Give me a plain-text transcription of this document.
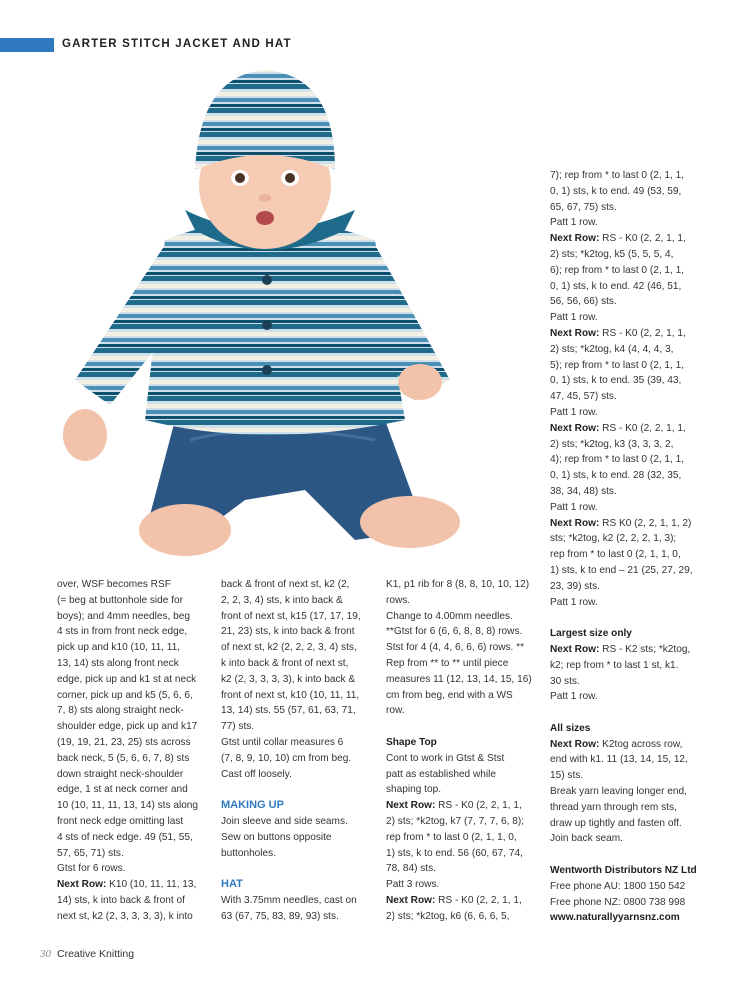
GARTER STITCH JACKET AND HAT

over, WSF becomes RSF

(= beg at buttonhole side for

boys); and 4mm needles, beg

4 sts in from front neck edge,

pick up and k10 (10, 11, 11,

13, 14) sts along front neck

edge, pick up and k1 st at neck

corner, pick up and k5 (5, 6, 6,

7, 8) sts along straight neck-

shoulder edge, pick up and k17

(19, 19, 21, 23, 25) sts across

back neck, 5 (5, 6, 6, 7, 8) sts

down straight neck-shoulder

edge, 1 st at neck corner and

10 (10, 11, 11, 13, 14) sts along

front neck edge omitting last

4 sts of neck edge. 49 (51, 55,

57, 65, 71) sts.

Gtst for 6 rows.

Next Row: K10 (10, 11, 11, 13,

14) sts, k into back & front of

next st, k2 (2, 3, 3, 3, 3), k into

back & front of next st, k2 (2,

2, 2, 3, 4) sts, k into back &

front of next st, k15 (17, 17, 19,

21, 23) sts, k into back & front

of next st, k2 (2, 2, 2, 3, 4) sts,

k into back & front of next st,

k2 (2, 3, 3, 3, 3), k into back &

front of next st, k10 (10, 11, 11,

13, 14) sts. 55 (57, 61, 63, 71,

77) sts.

Gtst until collar measures 6

(7, 8, 9, 10, 10) cm from beg.

Cast off loosely.

MAKING UP

Join sleeve and side seams.

Sew on buttons opposite

buttonholes.

HAT

With 3.75mm needles, cast on

63 (67, 75, 83, 89, 93) sts.

K1, p1 rib for 8 (8, 8, 10, 10, 12)

rows.

Change to 4.00mm needles.

**Gtst for 6 (6, 6, 8, 8, 8) rows.

Stst for 4 (4, 4, 6, 6, 6) rows. **

Rep from ** to ** until piece

measures 11 (12, 13, 14, 15, 16)

cm from beg, end with a WS

row.

Shape Top

Cont to work in Gtst & Stst

patt as established while

shaping top.

Next Row: RS - K0 (2, 2, 1, 1,

2) sts; *k2tog, k7 (7, 7, 7, 6, 8);

rep from * to last 0 (2, 1, 1, 0,

1) sts, k to end. 56 (60, 67, 74,

78, 84) sts.

Patt 3 rows.

Next Row: RS - K0 (2, 2, 1, 1,

2) sts; *k2tog, k6 (6, 6, 6, 5,

7); rep from * to last 0 (2, 1, 1,

0, 1) sts, k to end. 49 (53, 59,

65, 67, 75) sts.

Patt 1 row.

Next Row: RS - K0 (2, 2, 1, 1,

2) sts; *k2tog, k5 (5, 5, 5, 4,

6); rep from * to last 0 (2, 1, 1,

0, 1) sts, k to end. 42 (46, 51,

56, 56, 66) sts.

Patt 1 row.

Next Row: RS - K0 (2, 2, 1, 1,

2) sts; *k2tog, k4 (4, 4, 4, 3,

5); rep from * to last 0 (2, 1, 1,

0, 1) sts, k to end. 35 (39, 43,

47, 45, 57) sts.

Patt 1 row.

Next Row: RS - K0 (2, 2, 1, 1,

2) sts; *k2tog, k3 (3, 3, 3, 2,

4); rep from * to last 0 (2, 1, 1,

0, 1) sts, k to end. 28 (32, 35,

38, 34, 48) sts.

Patt 1 row.

Next Row: RS K0 (2, 2, 1, 1, 2)

sts; *k2tog, k2 (2, 2, 2, 1, 3);

rep from * to last 0 (2, 1, 1, 0,

1) sts, k to end – 21 (25, 27, 29,

23, 39) sts.

Patt 1 row.

Largest size only

Next Row: RS - K2 sts; *k2tog,

k2; rep from * to last 1 st, k1.

30 sts.

Patt 1 row.

All sizes

Next Row: K2tog across row,

end with k1. 11 (13, 14, 15, 12,

15) sts.

Break yarn leaving longer end,

thread yarn through rem sts,

draw up tightly and fasten off.

Join back seam.

Wentworth Distributors NZ Ltd

Free phone AU: 1800 150 542

Free phone NZ: 0800 738 998

www.naturallyyarnsnz.com

30 Creative Knitting
